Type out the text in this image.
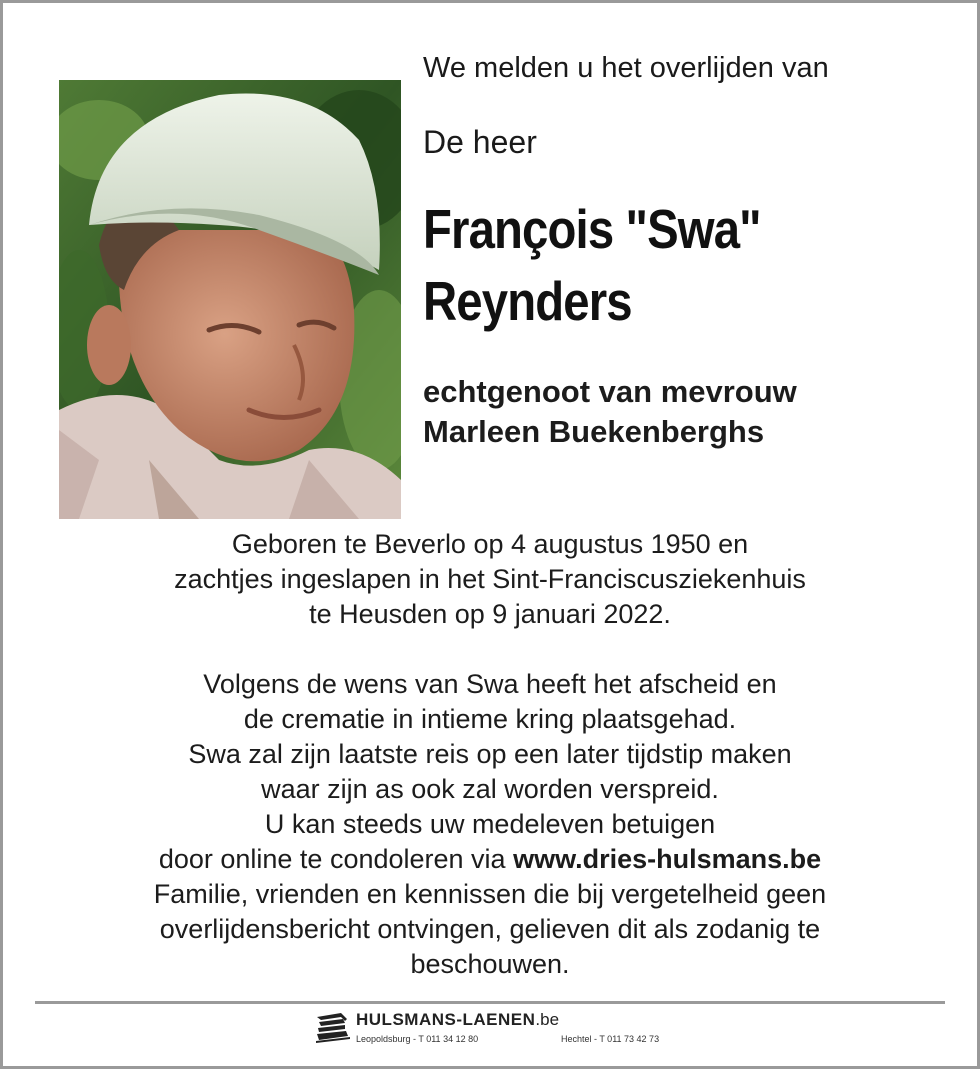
We melden u het overlijden van
De heer
François "Swa"
Reynders
echtgenoot van mevrouw
Marleen Buekenberghs
Geboren te Beverlo op 4 augustus 1950 en
zachtjes ingeslapen in het Sint-Franciscusziekenhuis
te Heusden op 9 januari 2022.
Volgens de wens van Swa heeft het afscheid en
de crematie in intieme kring plaatsgehad.
Swa zal zijn laatste reis op een later tijdstip maken
waar zijn as ook zal worden verspreid.
U kan steeds uw medeleven betuigen
door online te condoleren via www.dries-hulsmans.be
Familie, vrienden en kennissen die bij vergetelheid geen
overlijdensbericht ontvingen, gelieven dit als zodanig te
beschouwen.
HULSMANS-LAENEN.be
Leopoldsburg - T 011 34 12 80	Hechtel - T 011 73 42 73
